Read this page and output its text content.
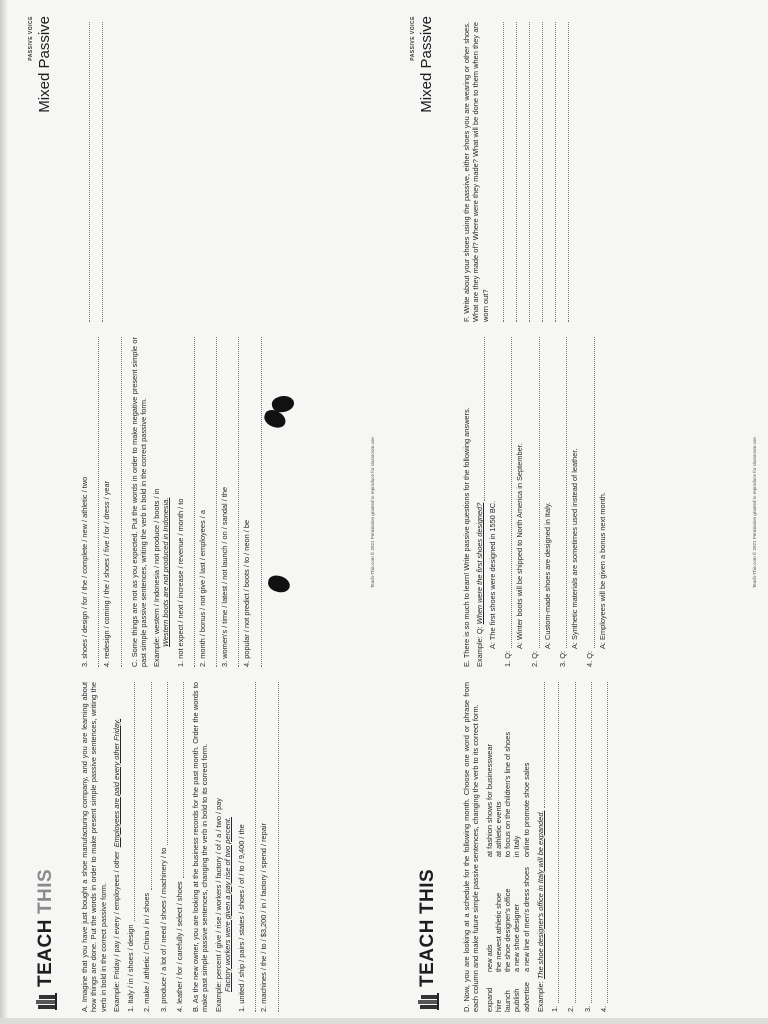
TEACH
THIS
PASSIVE VOICE Mixed Passive

A. Imagine that you have just bought a shoe manufacturing company, and you are learning about how things are done. Put the words in order to make present simple passive sentences, writing the verb in bold in the correct passive form. Example: Friday / pay / every / employees / other

Employees are paid every other Friday.
1. Italy / in / shoes / design 2. make / athletic / China / in / shoes 3. produce / a lot of / need / shoes / machinery / to 4. leather / for / carefully / select / shoes B. As the new owner, you are looking at the business records for the past month. Order the words to make past simple passive sentences, changing the verb in bold to its correct form. Example: percent / give / rise / workers / factory / of / a / two / pay Factory workers were given a pay rise of two percent. 1. united / ship / pairs / states / shoes / of / to / 9,400 / the 2. machines / the / to / $3,200 / in / factory / spend / repair
3. shoes / design / for / the / complete / new / athletic / two 4. redesign / coming / the / shoes / five / for / dress / year C. Some things are not as you expected. Put the words in order to make negative present simple or past simple passive sentences, writing the verb in bold in the correct passive form. Example: western / Indonesia / not produce / boots / in Western boots are not produced in Indonesia. 1. not expect / next / increase / revenue / month / to 2. month / bonus / not give / last / employees / a 3. women's / time / latest / not launch / on / sandal / the 4. popular / not predict / boots / to / neon / be
Teach-This.com © 2021 Permission granted to reproduce for classroom use.
TEACH
THIS
PASSIVE VOICE Mixed Passive

D. Now, you are looking at a schedule for the following month. Choose one word or phrase from each column and make future simple passive sentences, changing the verb to its correct form. expand hire launch publish advertise
new ads the newest athletic shoe the shoe designer's office a new shoe designer a new line of men's dress shoes
at fashion shows for businesswear at athletic events to focus on the children's line of shoes in Italy online to promote shoe sales
Example:

The shoe designer's office in Italy will be expanded.
1. 2. 3. 4.

E. There is so much to learn! Write passive questions for the following answers. Example: Q:

When were the first shoes designed? A: The first shoes were designed in 1550 BC.
1. Q:
A: Winter boots will be shipped to North America in September.
2. Q:
A: Custom-made shoes are designed in Italy.
3. Q:
A: Synthetic materials are sometimes used instead of leather.
4. Q:
A: Employees will be given a bonus next month.

F. Write about your shoes using the passive, either shoes you are wearing or other shoes. What are they made of? Where were they made? What will be done to them when they are worn out?

Teach-This.com © 2021 Permission granted to reproduce for classroom use.
